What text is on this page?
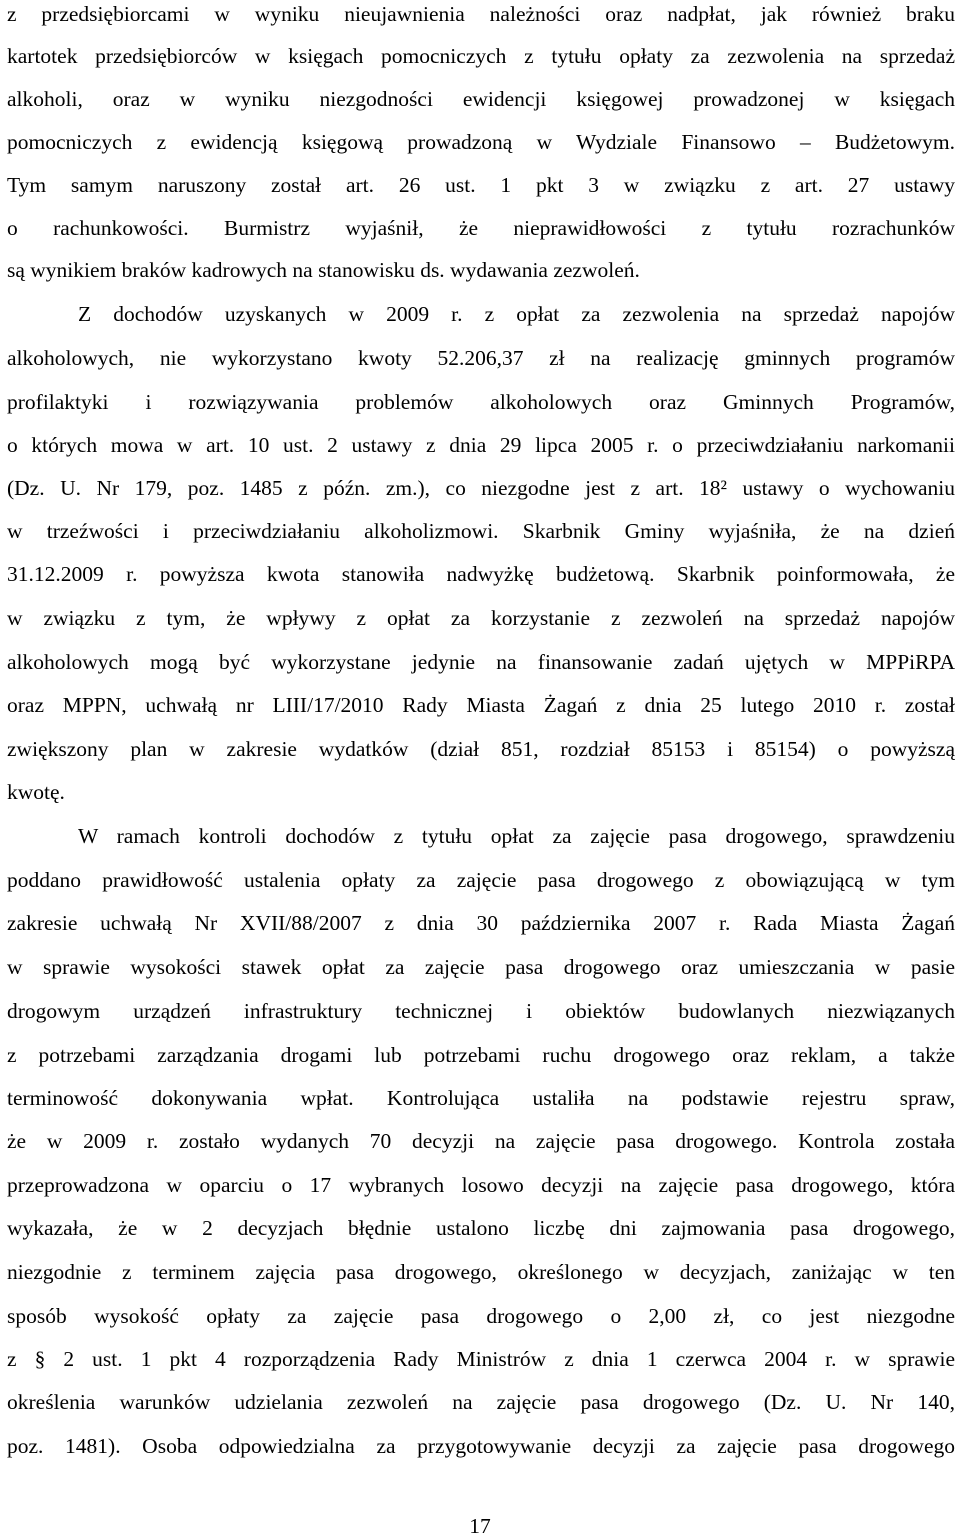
z przedsiębiorcami w wyniku nieujawnienia należności oraz nadpłat, jak również braku
kartotek przedsiębiorców w księgach pomocniczych z tytułu opłaty za zezwolenia na sprzedaż
alkoholi, oraz w wyniku niezgodności ewidencji księgowej prowadzonej w księgach
pomocniczych z ewidencją księgową prowadzoną w Wydziale Finansowo – Budżetowym.
Tym samym naruszony został art. 26 ust. 1 pkt 3 w związku z art. 27 ustawy
o rachunkowości. Burmistrz wyjaśnił, że nieprawidłowości z tytułu rozrachunków
są wynikiem braków kadrowych na stanowisku ds. wydawania zezwoleń.
Z dochodów uzyskanych w 2009 r. z opłat za zezwolenia na sprzedaż napojów
alkoholowych, nie wykorzystano kwoty 52.206,37 zł na realizację gminnych programów
profilaktyki i rozwiązywania problemów alkoholowych oraz Gminnych Programów,
o których mowa w art. 10 ust. 2 ustawy z dnia 29 lipca 2005 r. o przeciwdziałaniu narkomanii
(Dz. U. Nr 179, poz. 1485 z późn. zm.), co niezgodne jest z art. 18² ustawy o wychowaniu
w trzeźwości i przeciwdziałaniu alkoholizmowi. Skarbnik Gminy wyjaśniła, że na dzień
31.12.2009 r. powyższa kwota stanowiła nadwyżkę budżetową. Skarbnik poinformowała, że
w związku z tym, że wpływy z opłat za korzystanie z zezwoleń na sprzedaż napojów
alkoholowych mogą być wykorzystane jedynie na finansowanie zadań ujętych w MPPiRPA
oraz MPPN, uchwałą nr LIII/17/2010 Rady Miasta Żagań z dnia 25 lutego 2010 r. został
zwiększony plan w zakresie wydatków (dział 851, rozdział 85153 i 85154) o powyższą
kwotę.
W ramach kontroli dochodów z tytułu opłat za zajęcie pasa drogowego, sprawdzeniu
poddano prawidłowość ustalenia opłaty za zajęcie pasa drogowego z obowiązującą w tym
zakresie uchwałą Nr XVII/88/2007 z dnia 30 października 2007 r. Rada Miasta Żagań
w sprawie wysokości stawek opłat za zajęcie pasa drogowego oraz umieszczania w pasie
drogowym urządzeń infrastruktury technicznej i obiektów budowlanych niezwiązanych
z potrzebami zarządzania drogami lub potrzebami ruchu drogowego oraz reklam, a także
terminowość dokonywania wpłat. Kontrolująca ustaliła na podstawie rejestru spraw,
że w 2009 r. zostało wydanych 70 decyzji na zajęcie pasa drogowego. Kontrola została
przeprowadzona w oparciu o 17 wybranych losowo decyzji na zajęcie pasa drogowego, która
wykazała, że w 2 decyzjach błędnie ustalono liczbę dni zajmowania pasa drogowego,
niezgodnie z terminem zajęcia pasa drogowego, określonego w decyzjach, zaniżając w ten
sposób wysokość opłaty za zajęcie pasa drogowego o 2,00 zł, co jest niezgodne
z § 2 ust. 1 pkt 4 rozporządzenia Rady Ministrów z dnia 1 czerwca 2004 r. w sprawie
określenia warunków udzielania zezwoleń na zajęcie pasa drogowego (Dz. U. Nr 140,
poz. 1481). Osoba odpowiedzialna za przygotowywanie decyzji za zajęcie pasa drogowego
17
